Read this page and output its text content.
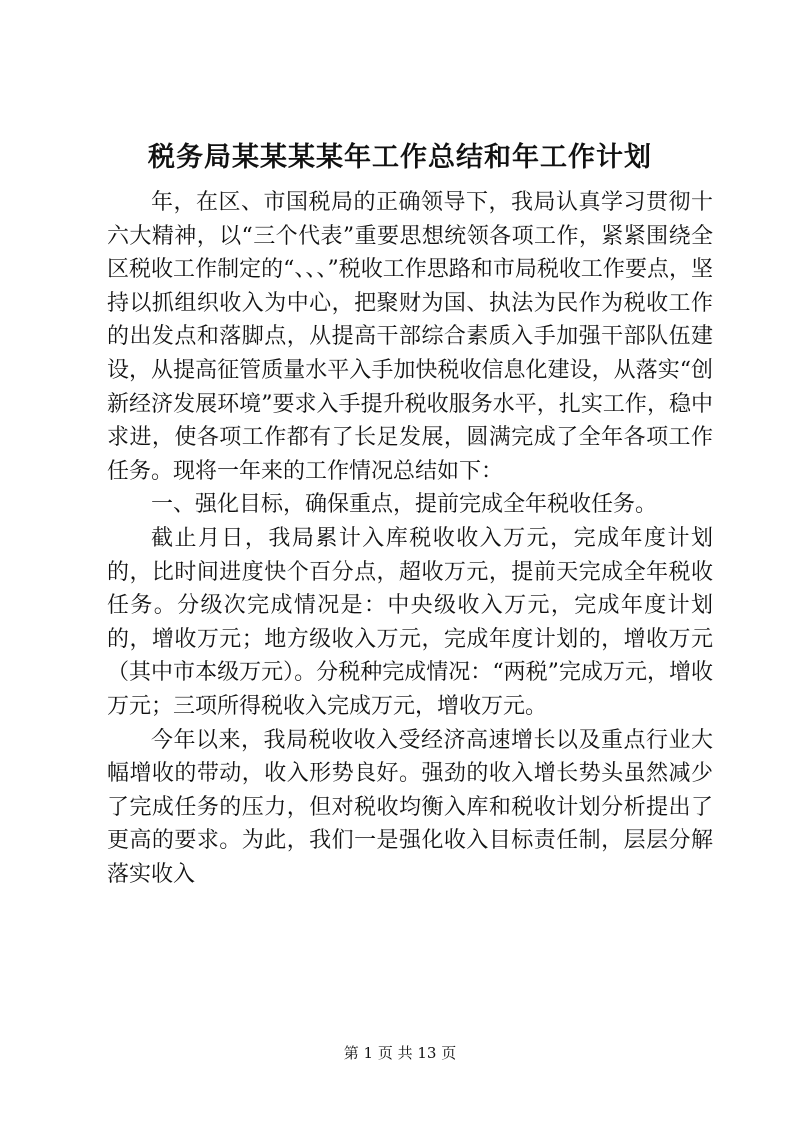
税务局某某某某年工作总结和年工作计划

年，在区、市国税局的正确领导下，我局认真学习贯彻十六大精神，以“三个代表”重要思想统领各项工作，紧紧围绕全区税收工作制定的“、、、”税收工作思路和市局税收工作要点，坚持以抓组织收入为中心，把聚财为国、执法为民作为税收工作的出发点和落脚点，从提高干部综合素质入手加强干部队伍建设，从提高征管质量水平入手加快税收信息化建设，从落实“创新经济发展环境”要求入手提升税收服务水平，扎实工作，稳中求进，使各项工作都有了长足发展，圆满完成了全年各项工作任务。现将一年来的工作情况总结如下：

一、强化目标，确保重点，提前完成全年税收任务。

截止月日，我局累计入库税收收入万元，完成年度计划的，比时间进度快个百分点，超收万元，提前天完成全年税收任务。分级次完成情况是：中央级收入万元，完成年度计划的，增收万元；地方级收入万元，完成年度计划的，增收万元（其中市本级万元）。分税种完成情况：“两税”完成万元，增收万元；三项所得税收入完成万元，增收万元。

今年以来，我局税收收入受经济高速增长以及重点行业大幅增收的带动，收入形势良好。强劲的收入增长势头虽然减少了完成任务的压力，但对税收均衡入库和税收计划分析提出了更高的要求。为此，我们一是强化收入目标责任制，层层分解落实收入

第 1 页 共 13 页
